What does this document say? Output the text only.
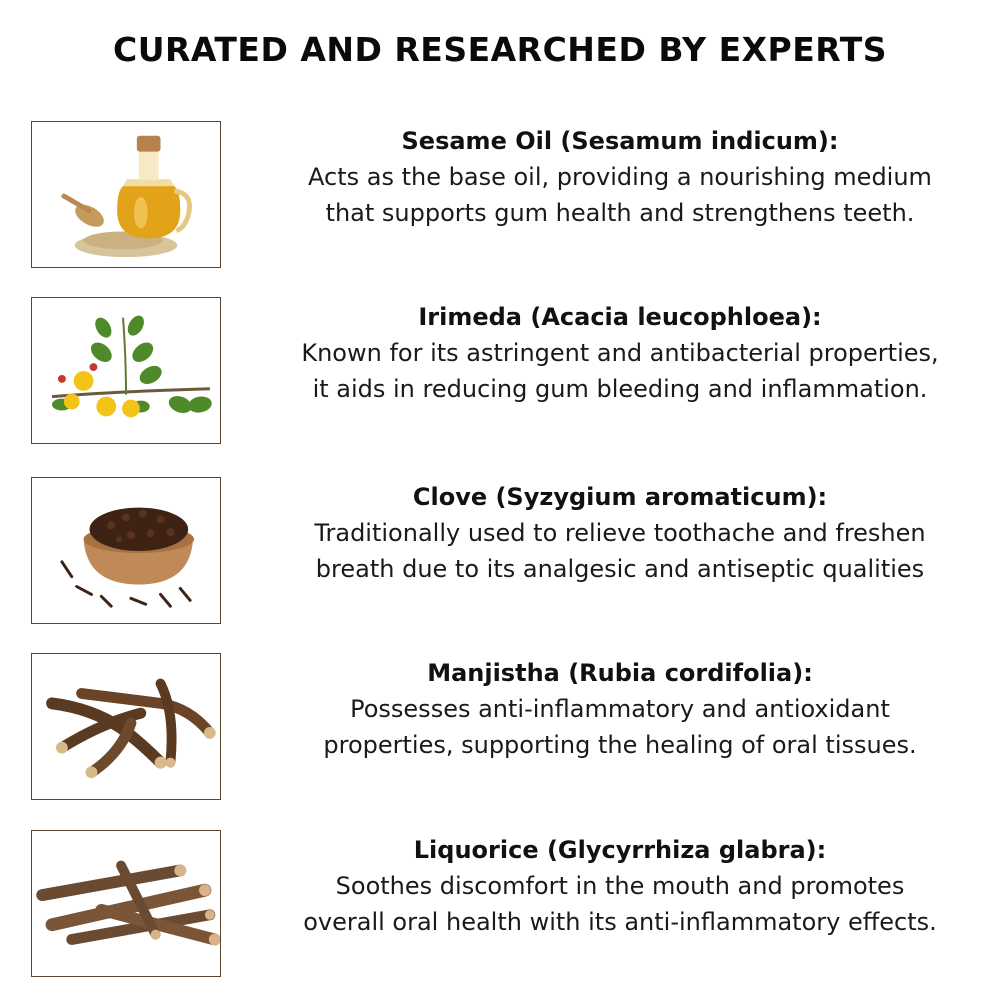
CURATED AND RESEARCHED BY EXPERTS

Sesame Oil (Sesamum indicum):

Acts as the base oil, providing a nourishing medium that supports gum health and strengthens teeth.

Irimeda (Acacia leucophloea):

Known for its astringent and antibacterial properties, it aids in reducing gum bleeding and inflammation.

Clove (Syzygium aromaticum):

Traditionally used to relieve toothache and freshen breath due to its analgesic and antiseptic qualities

Manjistha (Rubia cordifolia):

Possesses anti-inflammatory and antioxidant properties, supporting the healing of oral tissues.

Liquorice (Glycyrrhiza glabra):

Soothes discomfort in the mouth and promotes overall oral health with its anti-inflammatory effects.
